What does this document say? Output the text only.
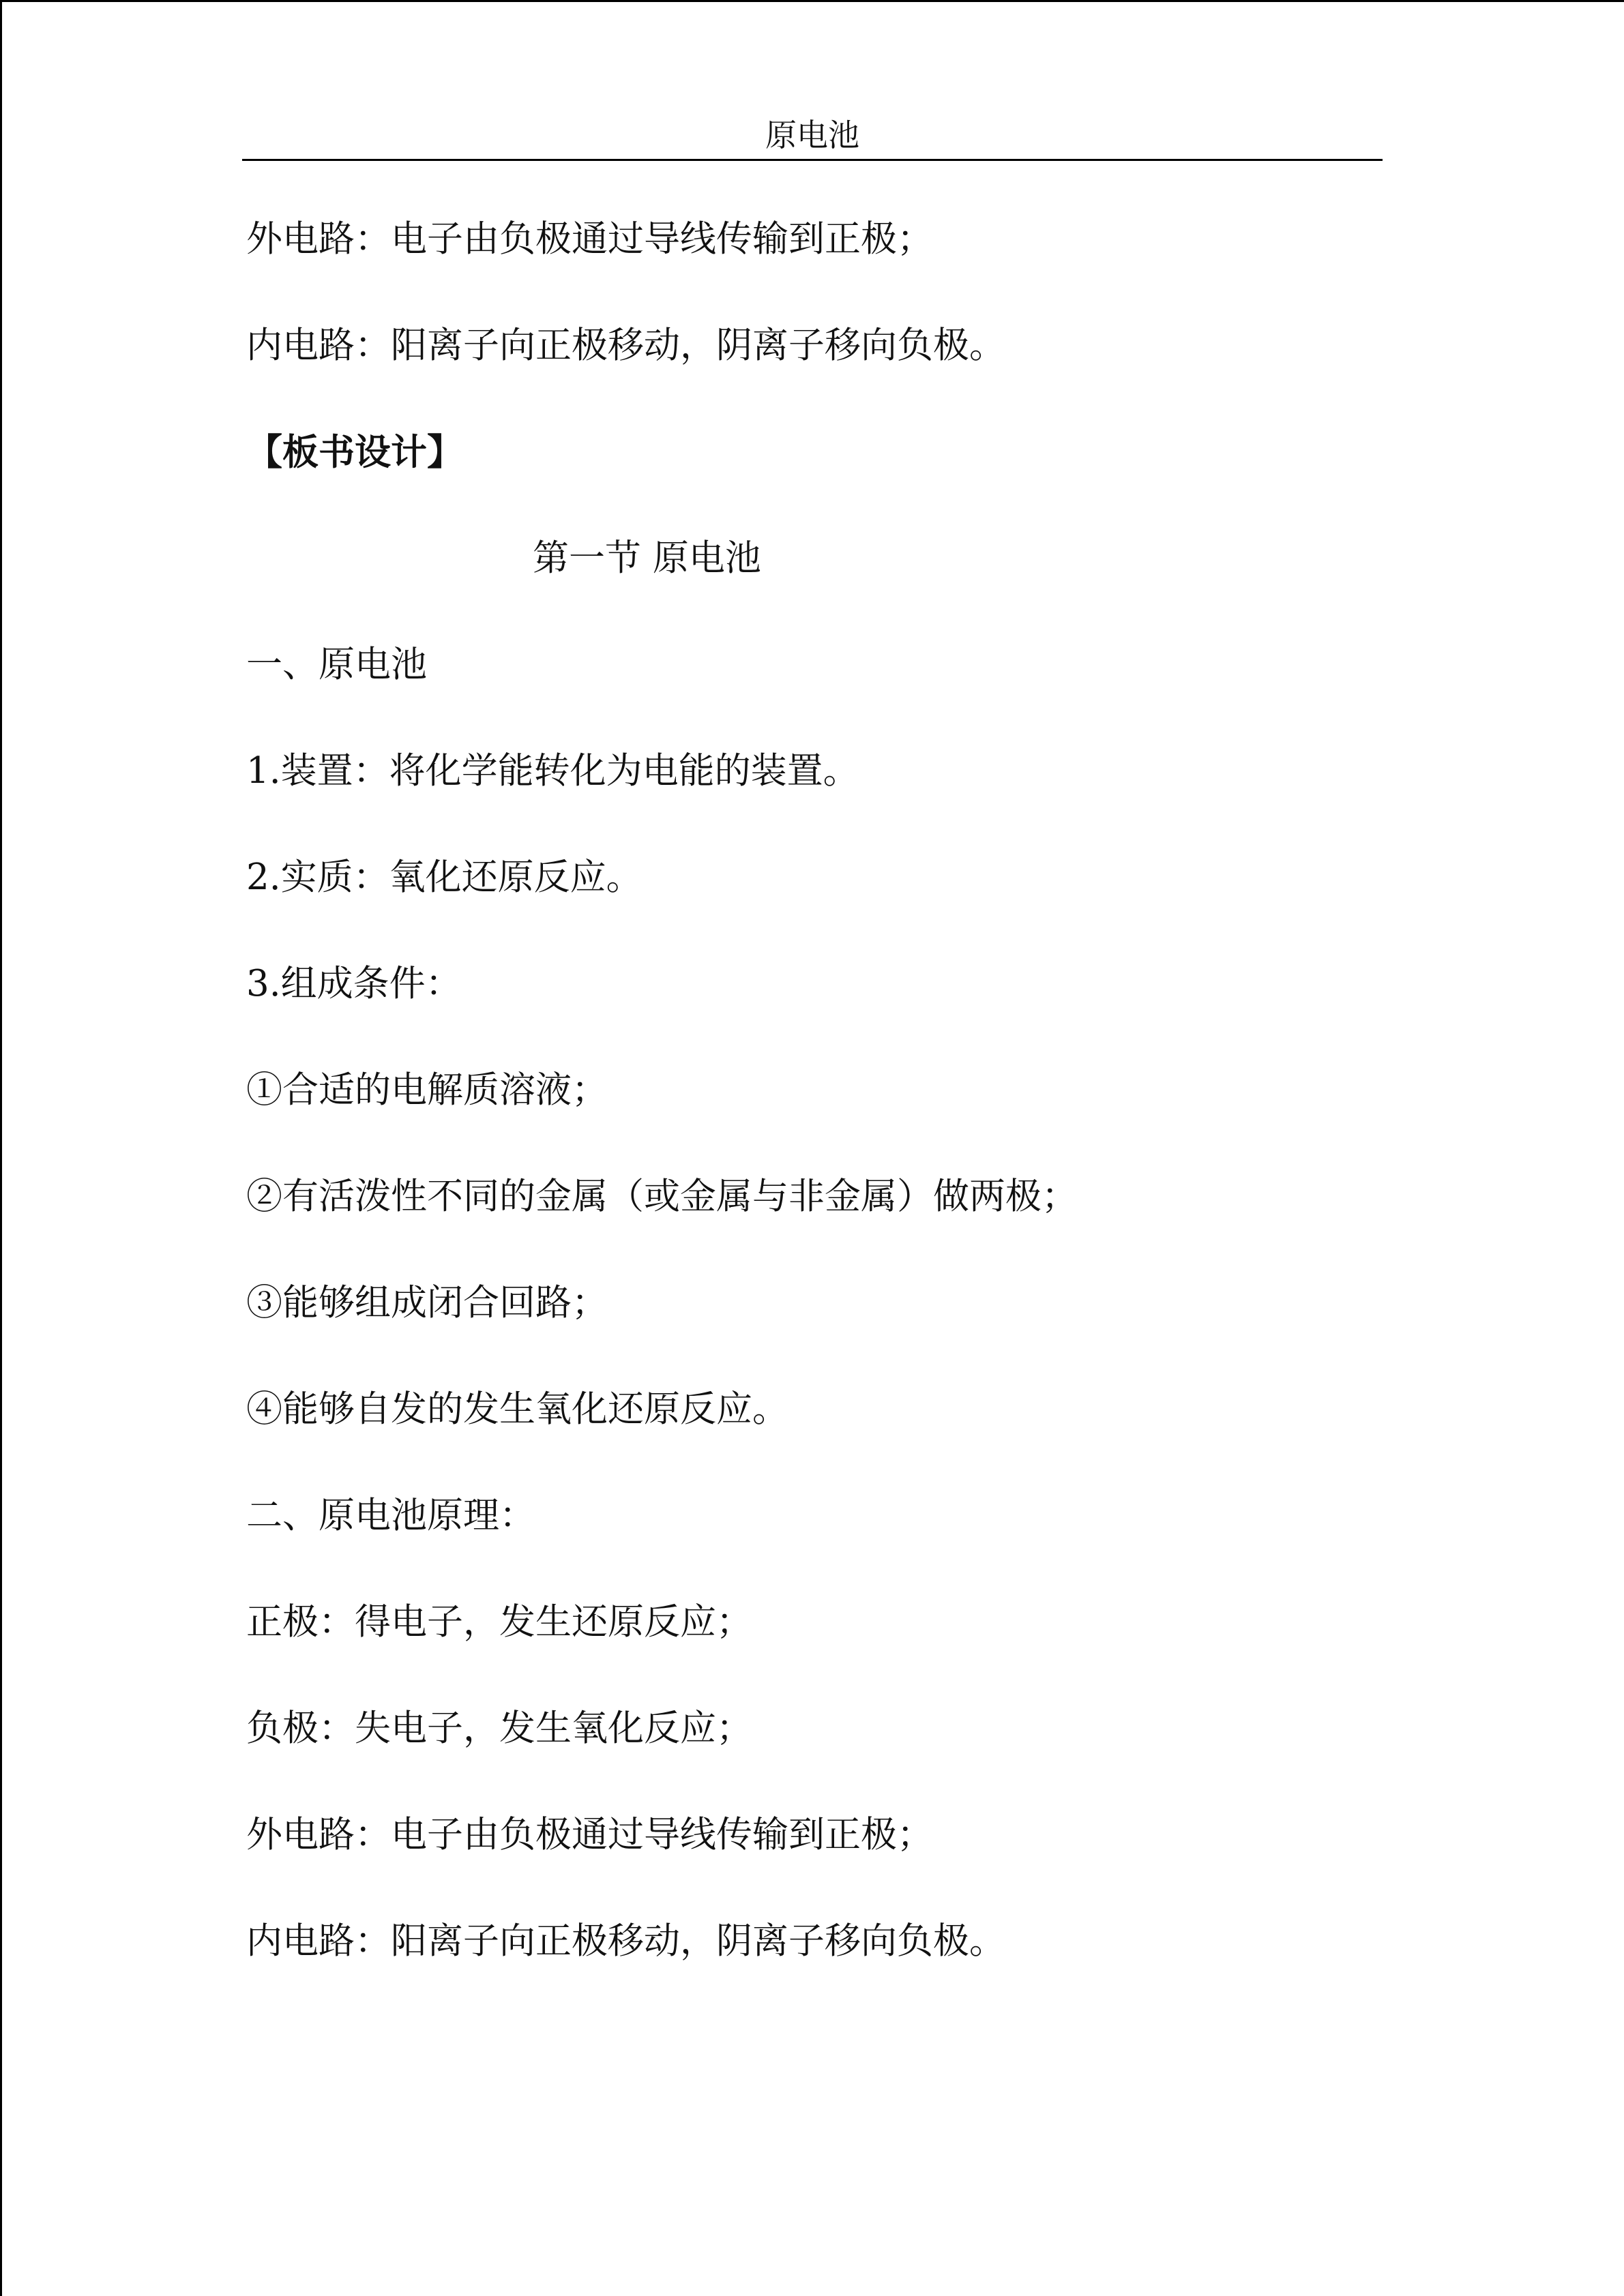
原电池
外电路：电子由负极通过导线传输到正极；
内电路：阳离子向正极移动，阴离子移向负极。
【板书设计】
第一节 原电池
一、原电池
1.装置：将化学能转化为电能的装置。
2.实质：氧化还原反应。
3.组成条件：
①合适的电解质溶液；
②有活泼性不同的金属（或金属与非金属）做两极；
③能够组成闭合回路；
④能够自发的发生氧化还原反应。
二、原电池原理：
正极：得电子，发生还原反应；
负极：失电子，发生氧化反应；
外电路：电子由负极通过导线传输到正极；
内电路：阳离子向正极移动，阴离子移向负极。
